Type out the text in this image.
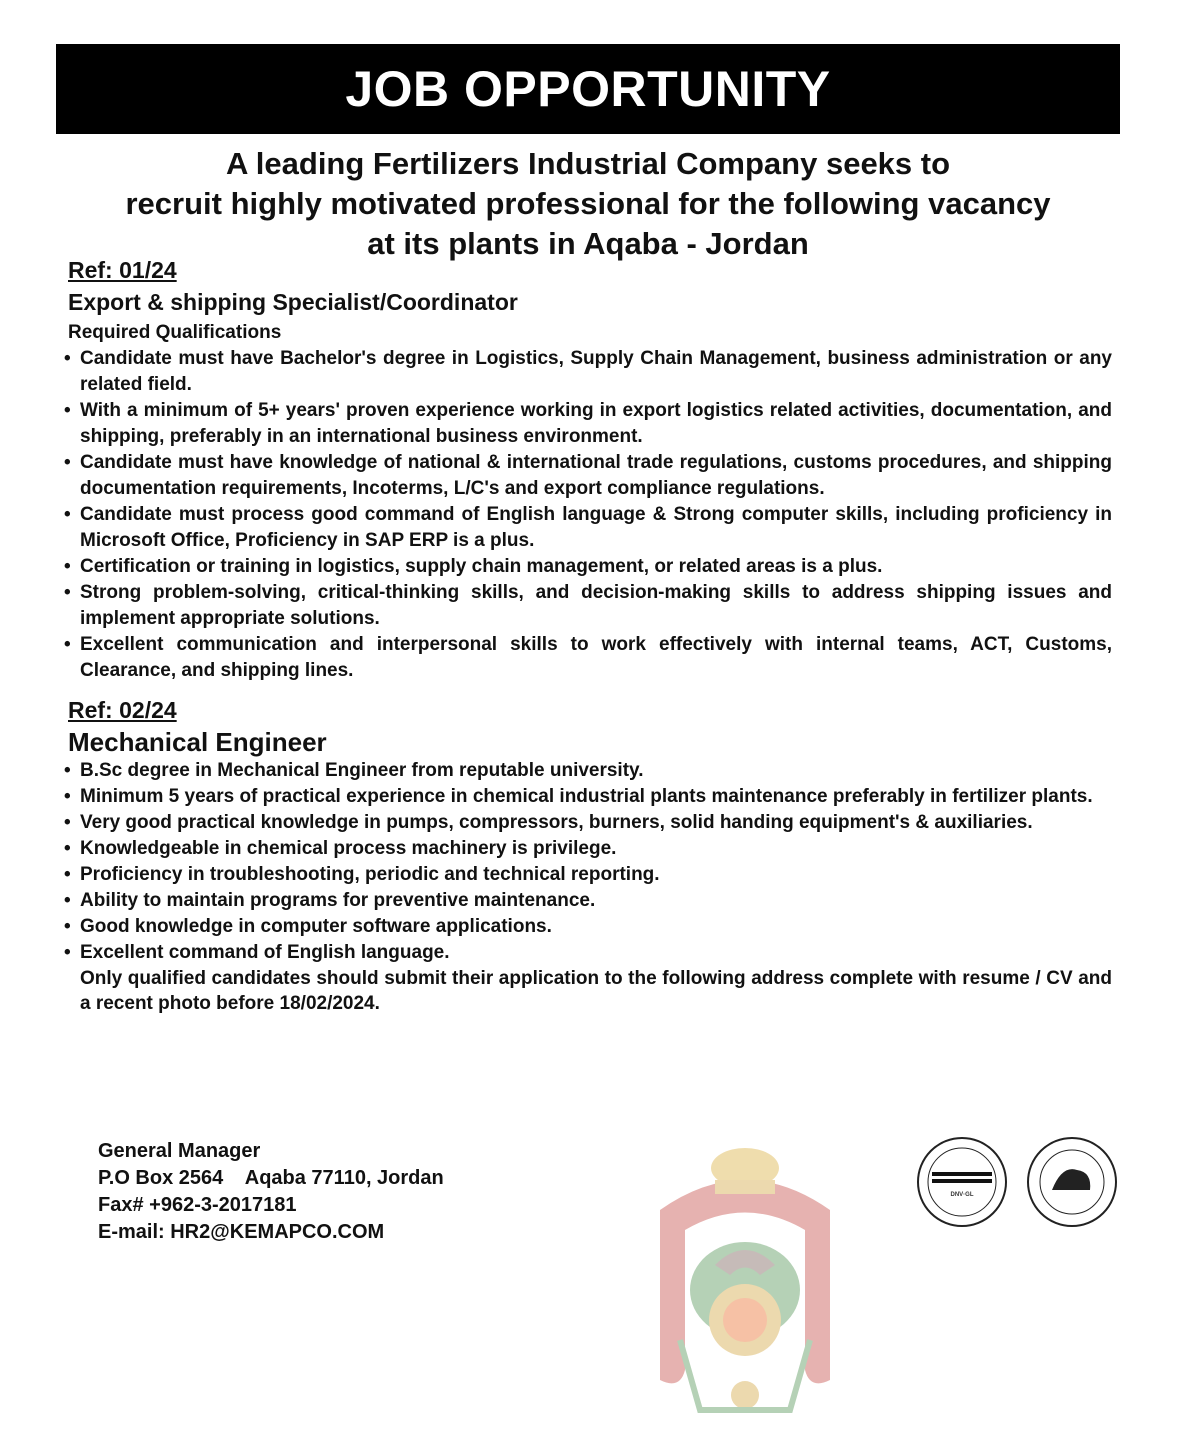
JOB OPPORTUNITY
A leading Fertilizers Industrial Company seeks to
recruit highly motivated professional for the following vacancy
at its plants in Aqaba - Jordan
Ref: 01/24
Export & shipping Specialist/Coordinator
Required Qualifications
• Candidate must have Bachelor's degree in Logistics, Supply Chain Management, business administration or any related field.
• With a minimum of 5+ years' proven experience working in export logistics related activities, documentation, and shipping, preferably in an international business environment.
• Candidate must have knowledge of national & international trade regulations, customs procedures, and shipping documentation requirements, Incoterms, L/C's and export compliance regulations.
• Candidate must process good command of English language & Strong computer skills, including proficiency in Microsoft Office, Proficiency in SAP ERP is a plus.
• Certification or training in logistics, supply chain management, or related areas is a plus.
• Strong problem-solving, critical-thinking skills, and decision-making skills to address shipping issues and implement appropriate solutions.
• Excellent communication and interpersonal skills to work effectively with internal teams, ACT, Customs, Clearance, and shipping lines.
Ref: 02/24
Mechanical Engineer
• B.Sc degree in Mechanical Engineer from reputable university.
• Minimum 5 years of practical experience in chemical industrial plants maintenance preferably in fertilizer plants.
• Very good practical knowledge in pumps, compressors, burners, solid handing equipment's & auxiliaries.
• Knowledgeable in chemical process machinery is privilege.
• Proficiency in troubleshooting, periodic and technical reporting.
• Ability to maintain programs for preventive maintenance.
• Good knowledge in computer software applications.
• Excellent command of English language.
Only qualified candidates should submit their application to the following address complete with resume / CV and a recent photo before 18/02/2024.
General Manager
P.O Box 2564    Aqaba 77110, Jordan
Fax# +962-3-2017181
E-mail: HR2@KEMAPCO.COM
DNV·GL
